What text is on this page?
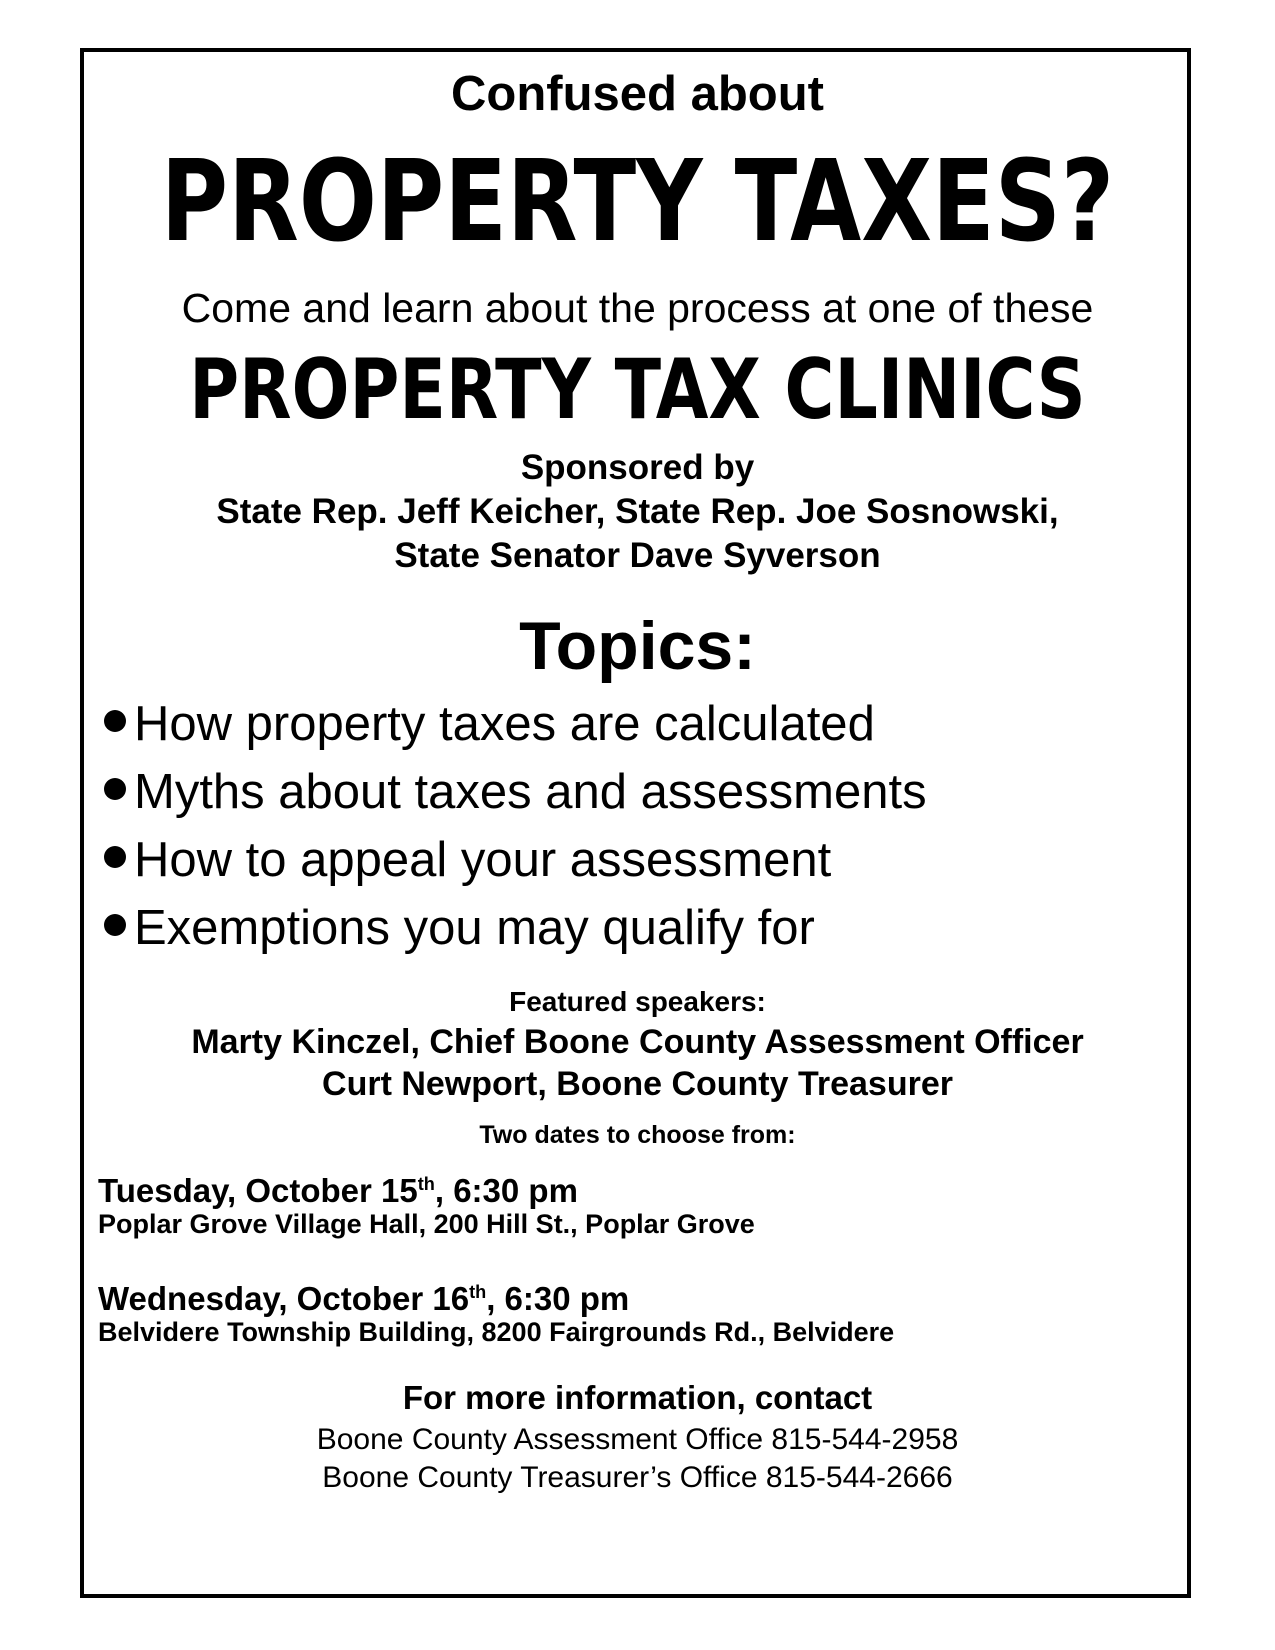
Confused about
PROPERTY TAXES?
Come and learn about the process at one of these
PROPERTY TAX CLINICS
Sponsored by
State Rep. Jeff Keicher, State Rep. Joe Sosnowski,
State Senator Dave Syverson
Topics:
How property taxes are calculated
Myths about taxes and assessments
How to appeal your assessment
Exemptions you may qualify for
Featured speakers:
Marty Kinczel, Chief Boone County Assessment Officer
Curt Newport, Boone County Treasurer
Two dates to choose from:
Tuesday, October 15th, 6:30 pm
Poplar Grove Village Hall, 200 Hill St., Poplar Grove
Wednesday, October 16th, 6:30 pm
Belvidere Township Building, 8200 Fairgrounds Rd., Belvidere
For more information, contact
Boone County Assessment Office 815-544-2958
Boone County Treasurer’s Office 815-544-2666
